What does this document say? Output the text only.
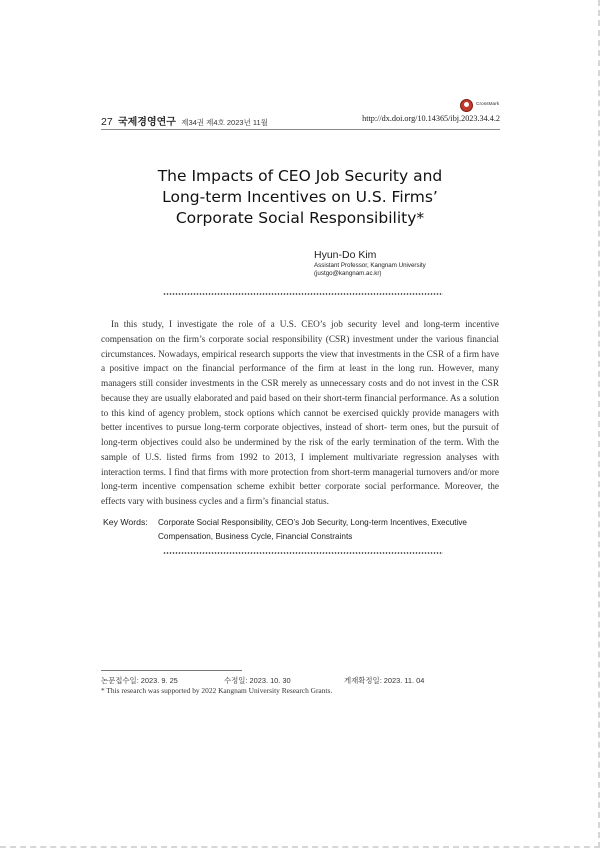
CrossMark
27 국제경영연구 제34권 제4호 2023년 11월	http://dx.doi.org/10.14365/ibj.2023.34.4.2
The Impacts of CEO Job Security and
Long-term Incentives on U.S. Firms’
Corporate Social Responsibility*
Hyun-Do Kim
Assistant Professor, Kangnam University
(justgo@kangnam.ac.kr)

In this study, I investigate the role of a U.S. CEO’s job security level and long-term incentive compensation on the firm’s corporate social responsibility (CSR) investment under the various financial circumstances. Nowadays, empirical research supports the view that investments in the CSR of a firm have a positive impact on the financial performance of the firm at least in the long run. However, many managers still consider investments in the CSR merely as unnecessary costs and do not invest in the CSR because they are usually elaborated and paid based on their short-term financial performance. As a solution to this kind of agency problem, stock options which cannot be exercised quickly provide managers with better incentives to pursue long-term corporate objectives, instead of short- term ones, but the pursuit of long-term objectives could also be undermined by the risk of the early termination of the term. With the sample of U.S. listed firms from 1992 to 2013, I implement multivariate regression analyses with interaction terms. I find that firms with more protection from short-term managerial turnovers and/or more long-term incentive compensation scheme exhibit better corporate social performance. Moreover, the effects vary with business cycles and a firm’s financial status.

Key Words: Corporate Social Responsibility, CEO’s Job Security, Long-term Incentives, Executive Compensation, Business Cycle, Financial Constraints
논문접수일: 2023. 9. 25	수정일: 2023. 10. 30	게재확정일: 2023. 11. 04
* This research was supported by 2022 Kangnam University Research Grants.
